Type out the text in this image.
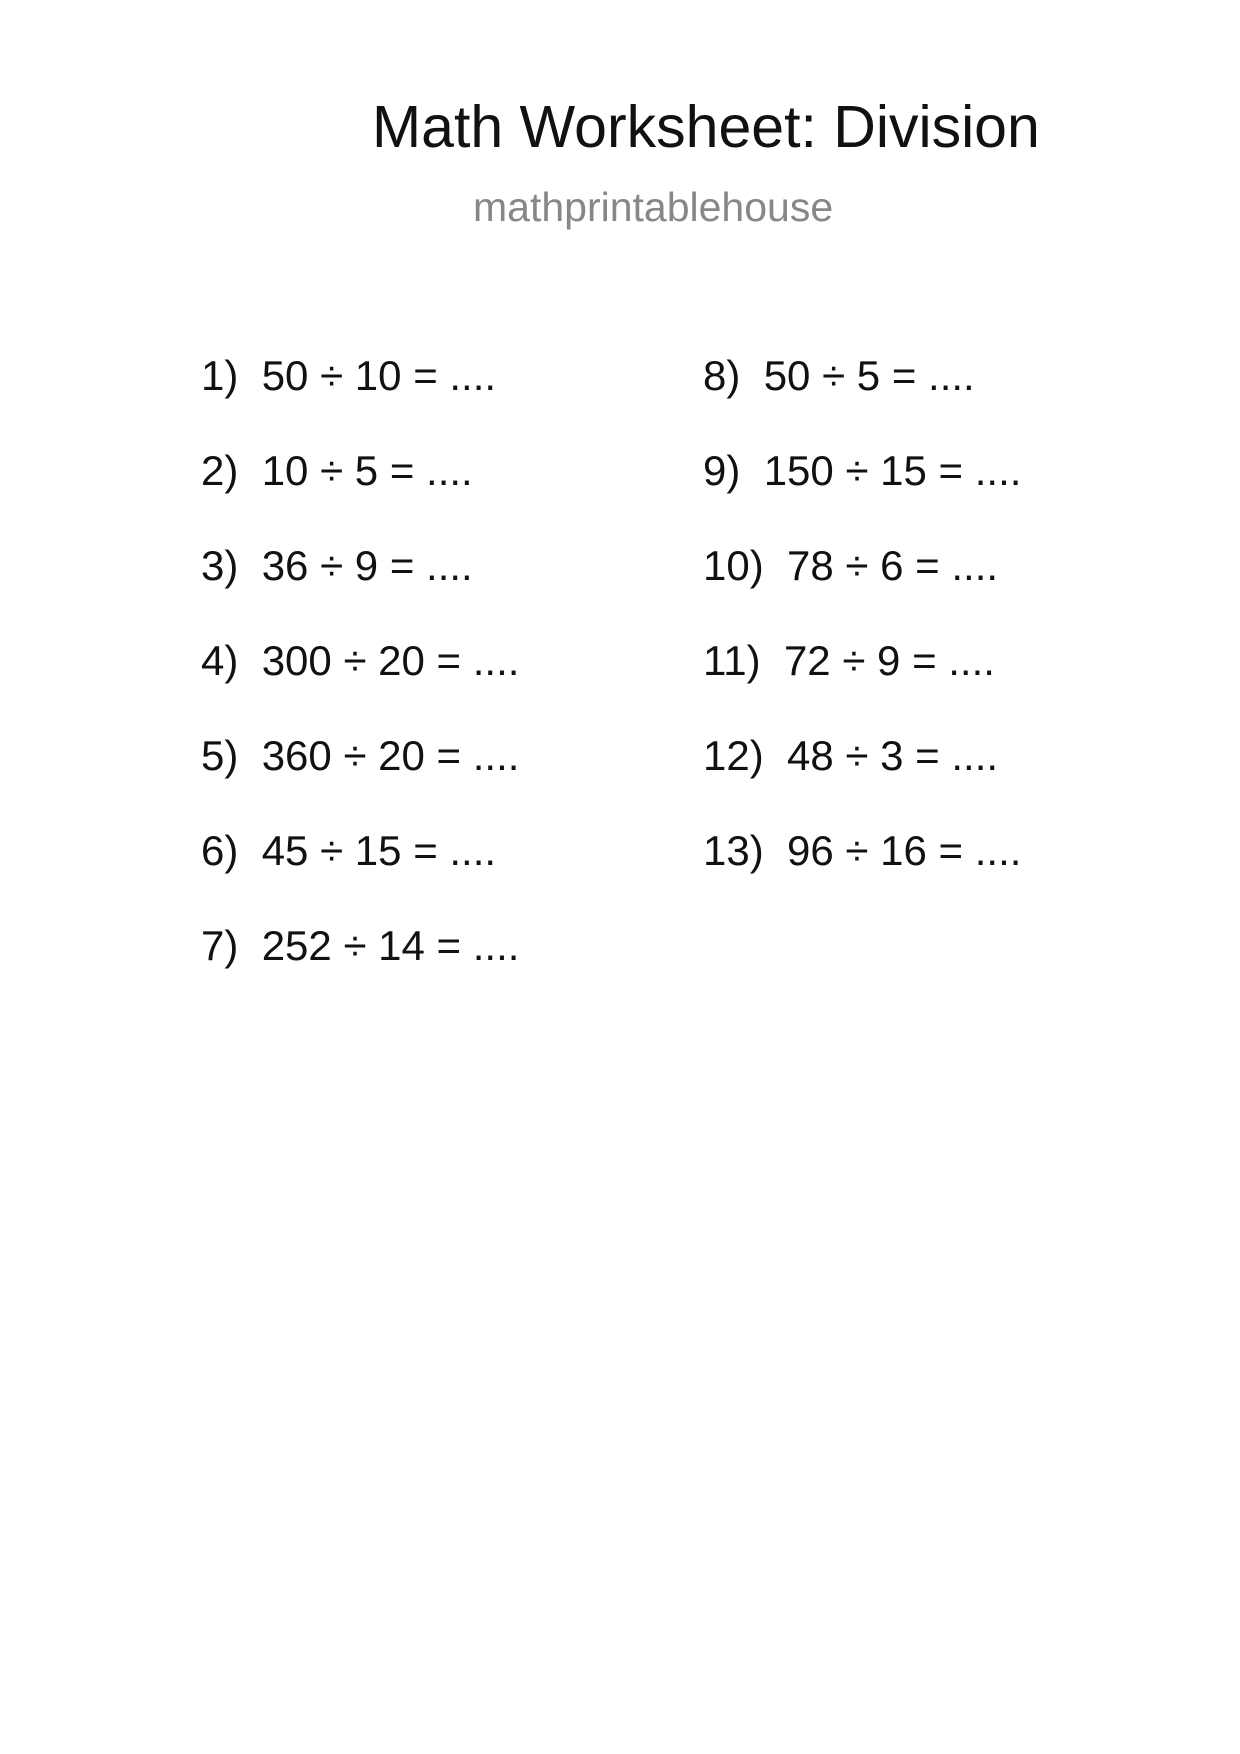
Math Worksheet: Division
mathprintablehouse
1) 50 ÷ 10 = ....
2) 10 ÷ 5 = ....
3) 36 ÷ 9 = ....
4) 300 ÷ 20 = ....
5) 360 ÷ 20 = ....
6) 45 ÷ 15 = ....
7) 252 ÷ 14 = ....
8) 50 ÷ 5 = ....
9) 150 ÷ 15 = ....
10) 78 ÷ 6 = ....
11) 72 ÷ 9 = ....
12) 48 ÷ 3 = ....
13) 96 ÷ 16 = ....
